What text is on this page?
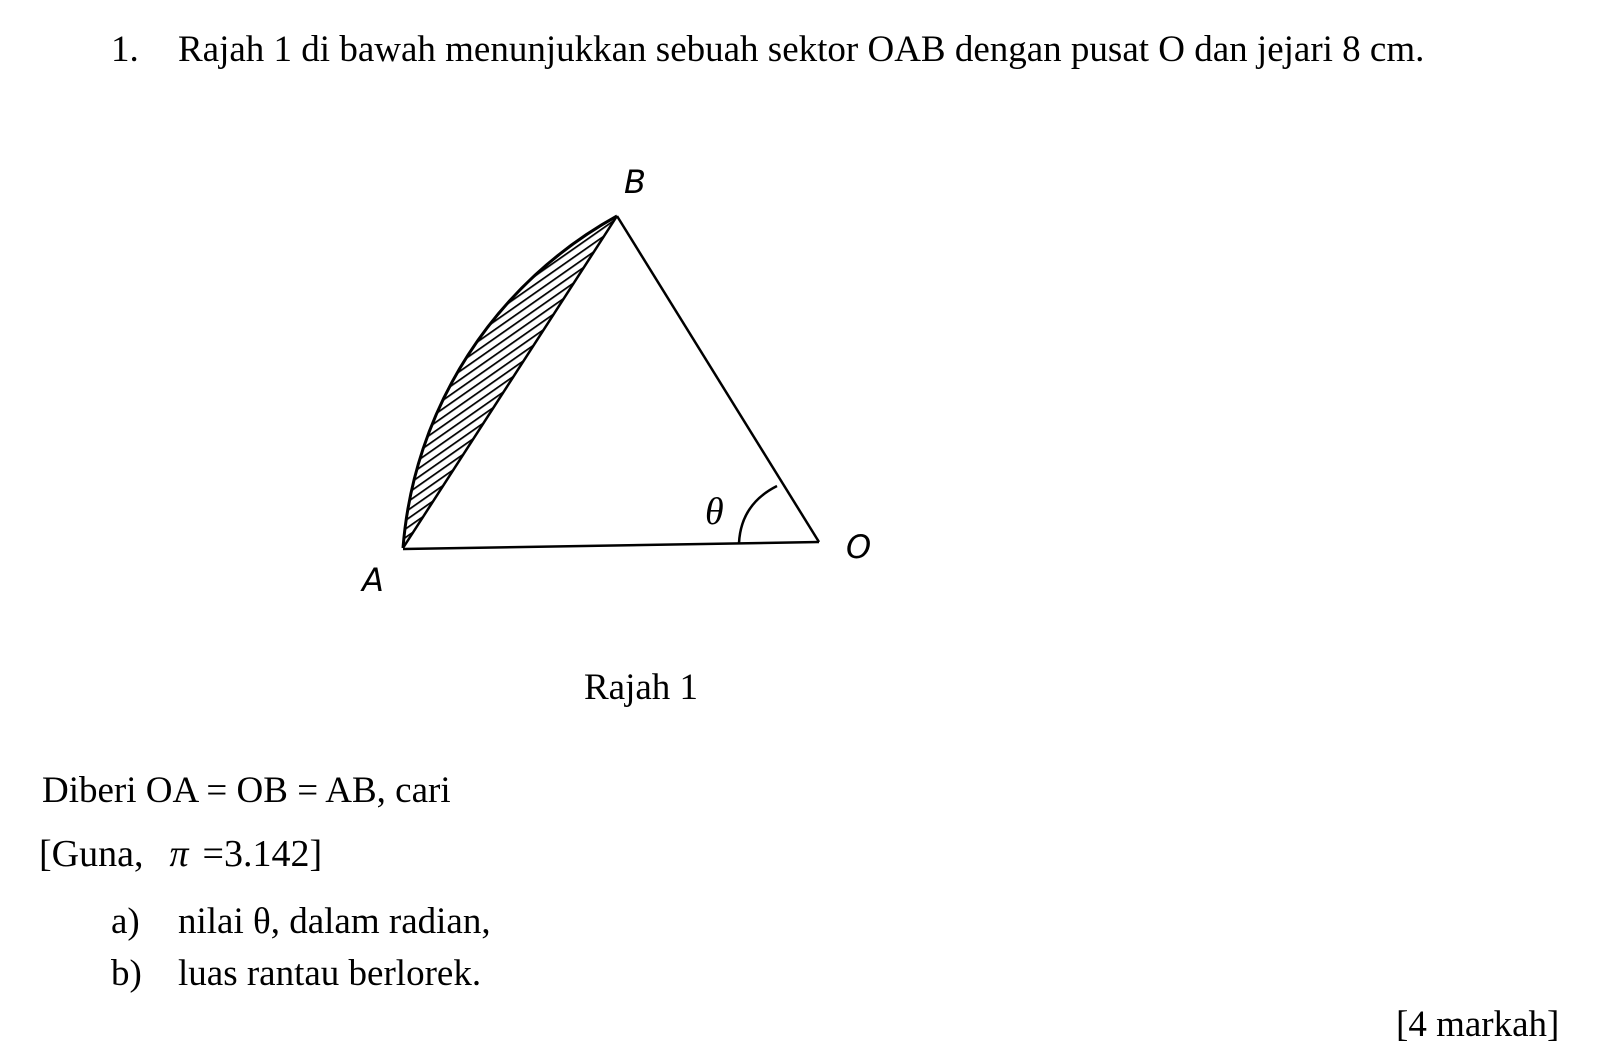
1. Rajah 1 di bawah menunjukkan sebuah sektor OAB dengan pusat O dan jejari 8 cm.
θ
B
A
O
Rajah 1
Diberi OA = OB = AB, cari
[Guna, π =3.142]
a) nilai θ, dalam radian,
b) luas rantau berlorek.
[4 markah]
